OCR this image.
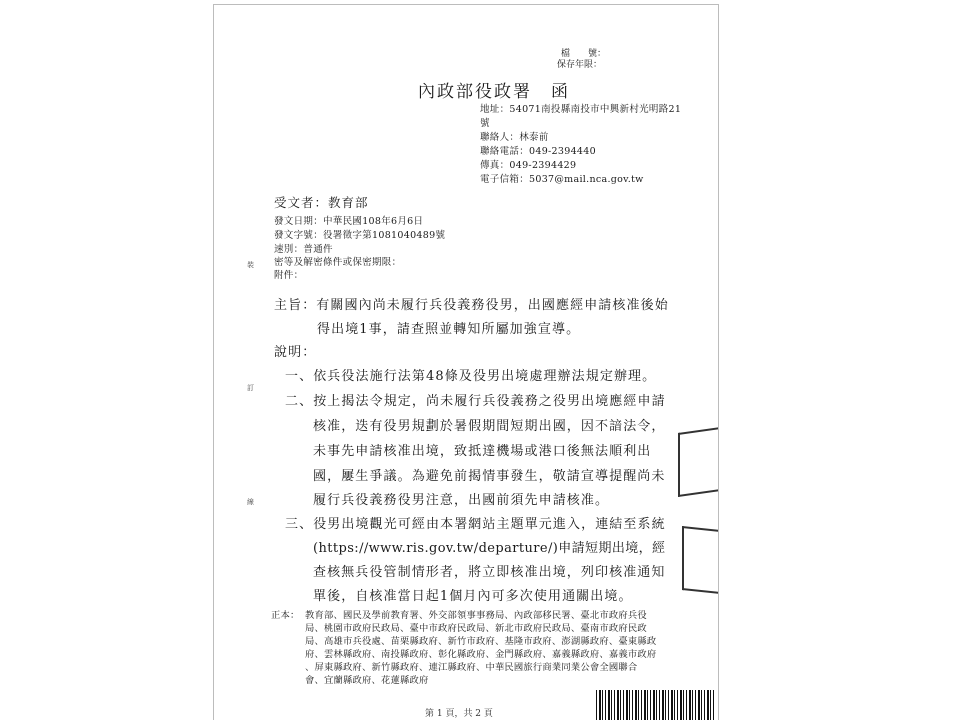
檔　　號：
保存年限：
內政部役政署　函
地址：54071南投縣南投市中興新村光明路21
號
聯絡人：林泰前
聯絡電話：049-2394440
傳真：049-2394429
電子信箱：5037@mail.nca.gov.tw
受文者：教育部
發文日期：中華民國108年6月6日
發文字號：役署徵字第1081040489號
速別：普通件
密等及解密條件或保密期限：
附件：
主旨：有關國內尚未履行兵役義務役男，出國應經申請核准後始
得出境1事，請查照並轉知所屬加強宣導。
說明：
一、依兵役法施行法第48條及役男出境處理辦法規定辦理。
二、按上揭法令規定，尚未履行兵役義務之役男出境應經申請
核准，迭有役男規劃於暑假期間短期出國，因不諳法令，
未事先申請核准出境，致抵達機場或港口後無法順利出
國，屢生爭議。為避免前揭情事發生，敬請宣導提醒尚未
履行兵役義務役男注意，出國前須先申請核准。
三、役男出境觀光可經由本署網站主題單元進入，連結至系統
(https://www.ris.gov.tw/departure/)申請短期出境，經
查核無兵役管制情形者，將立即核准出境，列印核准通知
單後，自核准當日起1個月內可多次使用通關出境。
正本： 教育部、國民及學前教育署、外交部領事事務局、內政部移民署、臺北市政府兵役
局、桃園市政府民政局、臺中市政府民政局、新北市政府民政局、臺南市政府民政
局、高雄市兵役處、苗栗縣政府、新竹市政府、基隆市政府、澎湖縣政府、臺東縣政
府、雲林縣政府、南投縣政府、彰化縣政府、金門縣政府、嘉義縣政府、嘉義市政府
、屏東縣政府、新竹縣政府、連江縣政府、中華民國旅行商業同業公會全國聯合
會、宜蘭縣政府、花蓮縣政府
裝
訂
線
第 1 頁，共 2 頁
